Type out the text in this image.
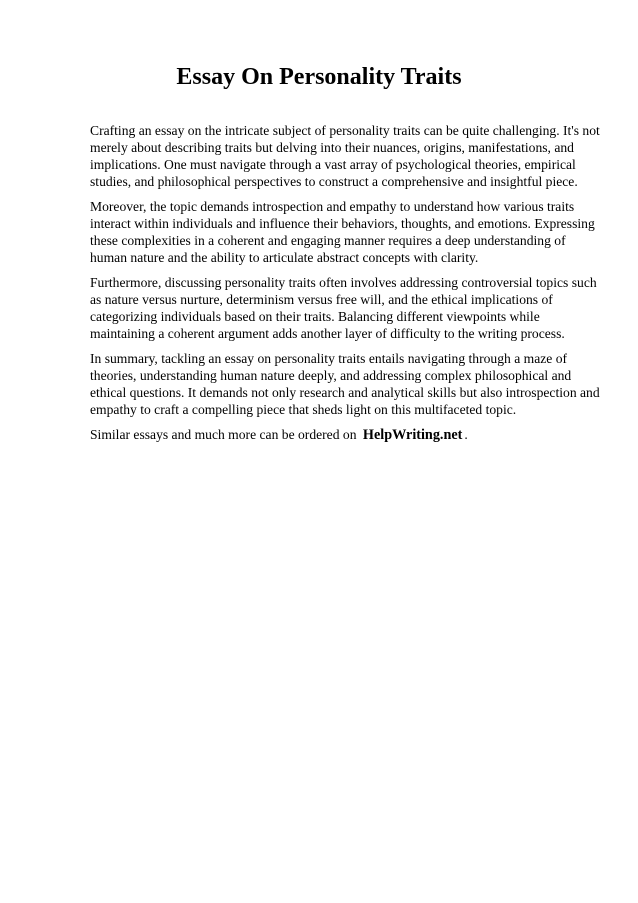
Essay On Personality Traits

Crafting an essay on the intricate subject of personality traits can be quite challenging. It's not merely about describing traits but delving into their nuances, origins, manifestations, and implications. One must navigate through a vast array of psychological theories, empirical studies, and philosophical perspectives to construct a comprehensive and insightful piece.

Moreover, the topic demands introspection and empathy to understand how various traits interact within individuals and influence their behaviors, thoughts, and emotions. Expressing these complexities in a coherent and engaging manner requires a deep understanding of human nature and the ability to articulate abstract concepts with clarity.

Furthermore, discussing personality traits often involves addressing controversial topics such as nature versus nurture, determinism versus free will, and the ethical implications of categorizing individuals based on their traits. Balancing different viewpoints while maintaining a coherent argument adds another layer of difficulty to the writing process.

In summary, tackling an essay on personality traits entails navigating through a maze of theories, understanding human nature deeply, and addressing complex philosophical and ethical questions. It demands not only research and analytical skills but also introspection and empathy to craft a compelling piece that sheds light on this multifaceted topic.

Similar essays and much more can be ordered on HelpWriting.net .
